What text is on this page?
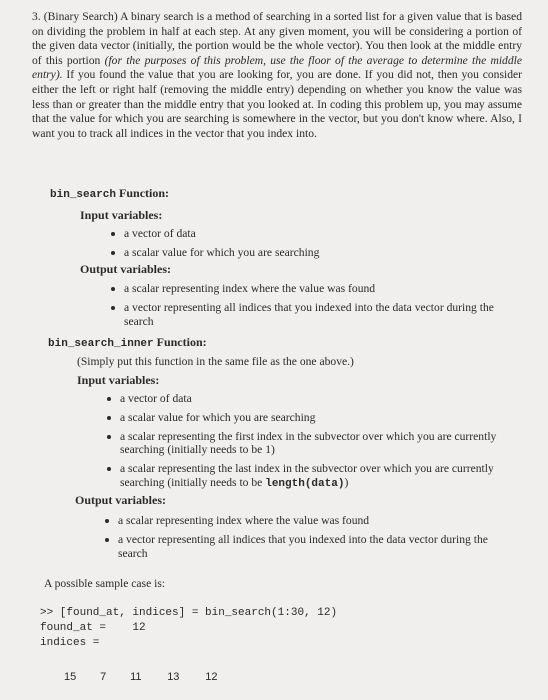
3. (Binary Search) A binary search is a method of searching in a sorted list for a given value that is based on dividing the problem in half at each step. At any given moment, you will be considering a portion of the given data vector (initially, the portion would be the whole vector). You then look at the middle entry of this portion (for the purposes of this problem, use the floor of the average to determine the middle entry). If you found the value that you are looking for, you are done. If you did not, then you consider either the left or right half (removing the middle entry) depending on whether you know the value was less than or greater than the middle entry that you looked at. In coding this problem up, you may assume that the value for which you are searching is somewhere in the vector, but you don't know where. Also, I want you to track all indices in the vector that you index into.

bin_search Function:
Input variables:
a vector of data
a scalar value for which you are searching
Output variables:
a scalar representing index where the value was found
a vector representing all indices that you indexed into the data vector during the search
bin_search_inner Function:
(Simply put this function in the same file as the one above.)
Input variables:
a vector of data
a scalar value for which you are searching
a scalar representing the first index in the subvector over which you are currently searching (initially needs to be 1)
a scalar representing the last index in the subvector over which you are currently searching (initially needs to be length(data))
Output variables:
a scalar representing index where the value was found
a vector representing all indices that you indexed into the data vector during the search
A possible sample case is:
>> [found_at, indices] = bin_search(1:30, 12)
found_at =    12
indices =
15 7 11 13 12
